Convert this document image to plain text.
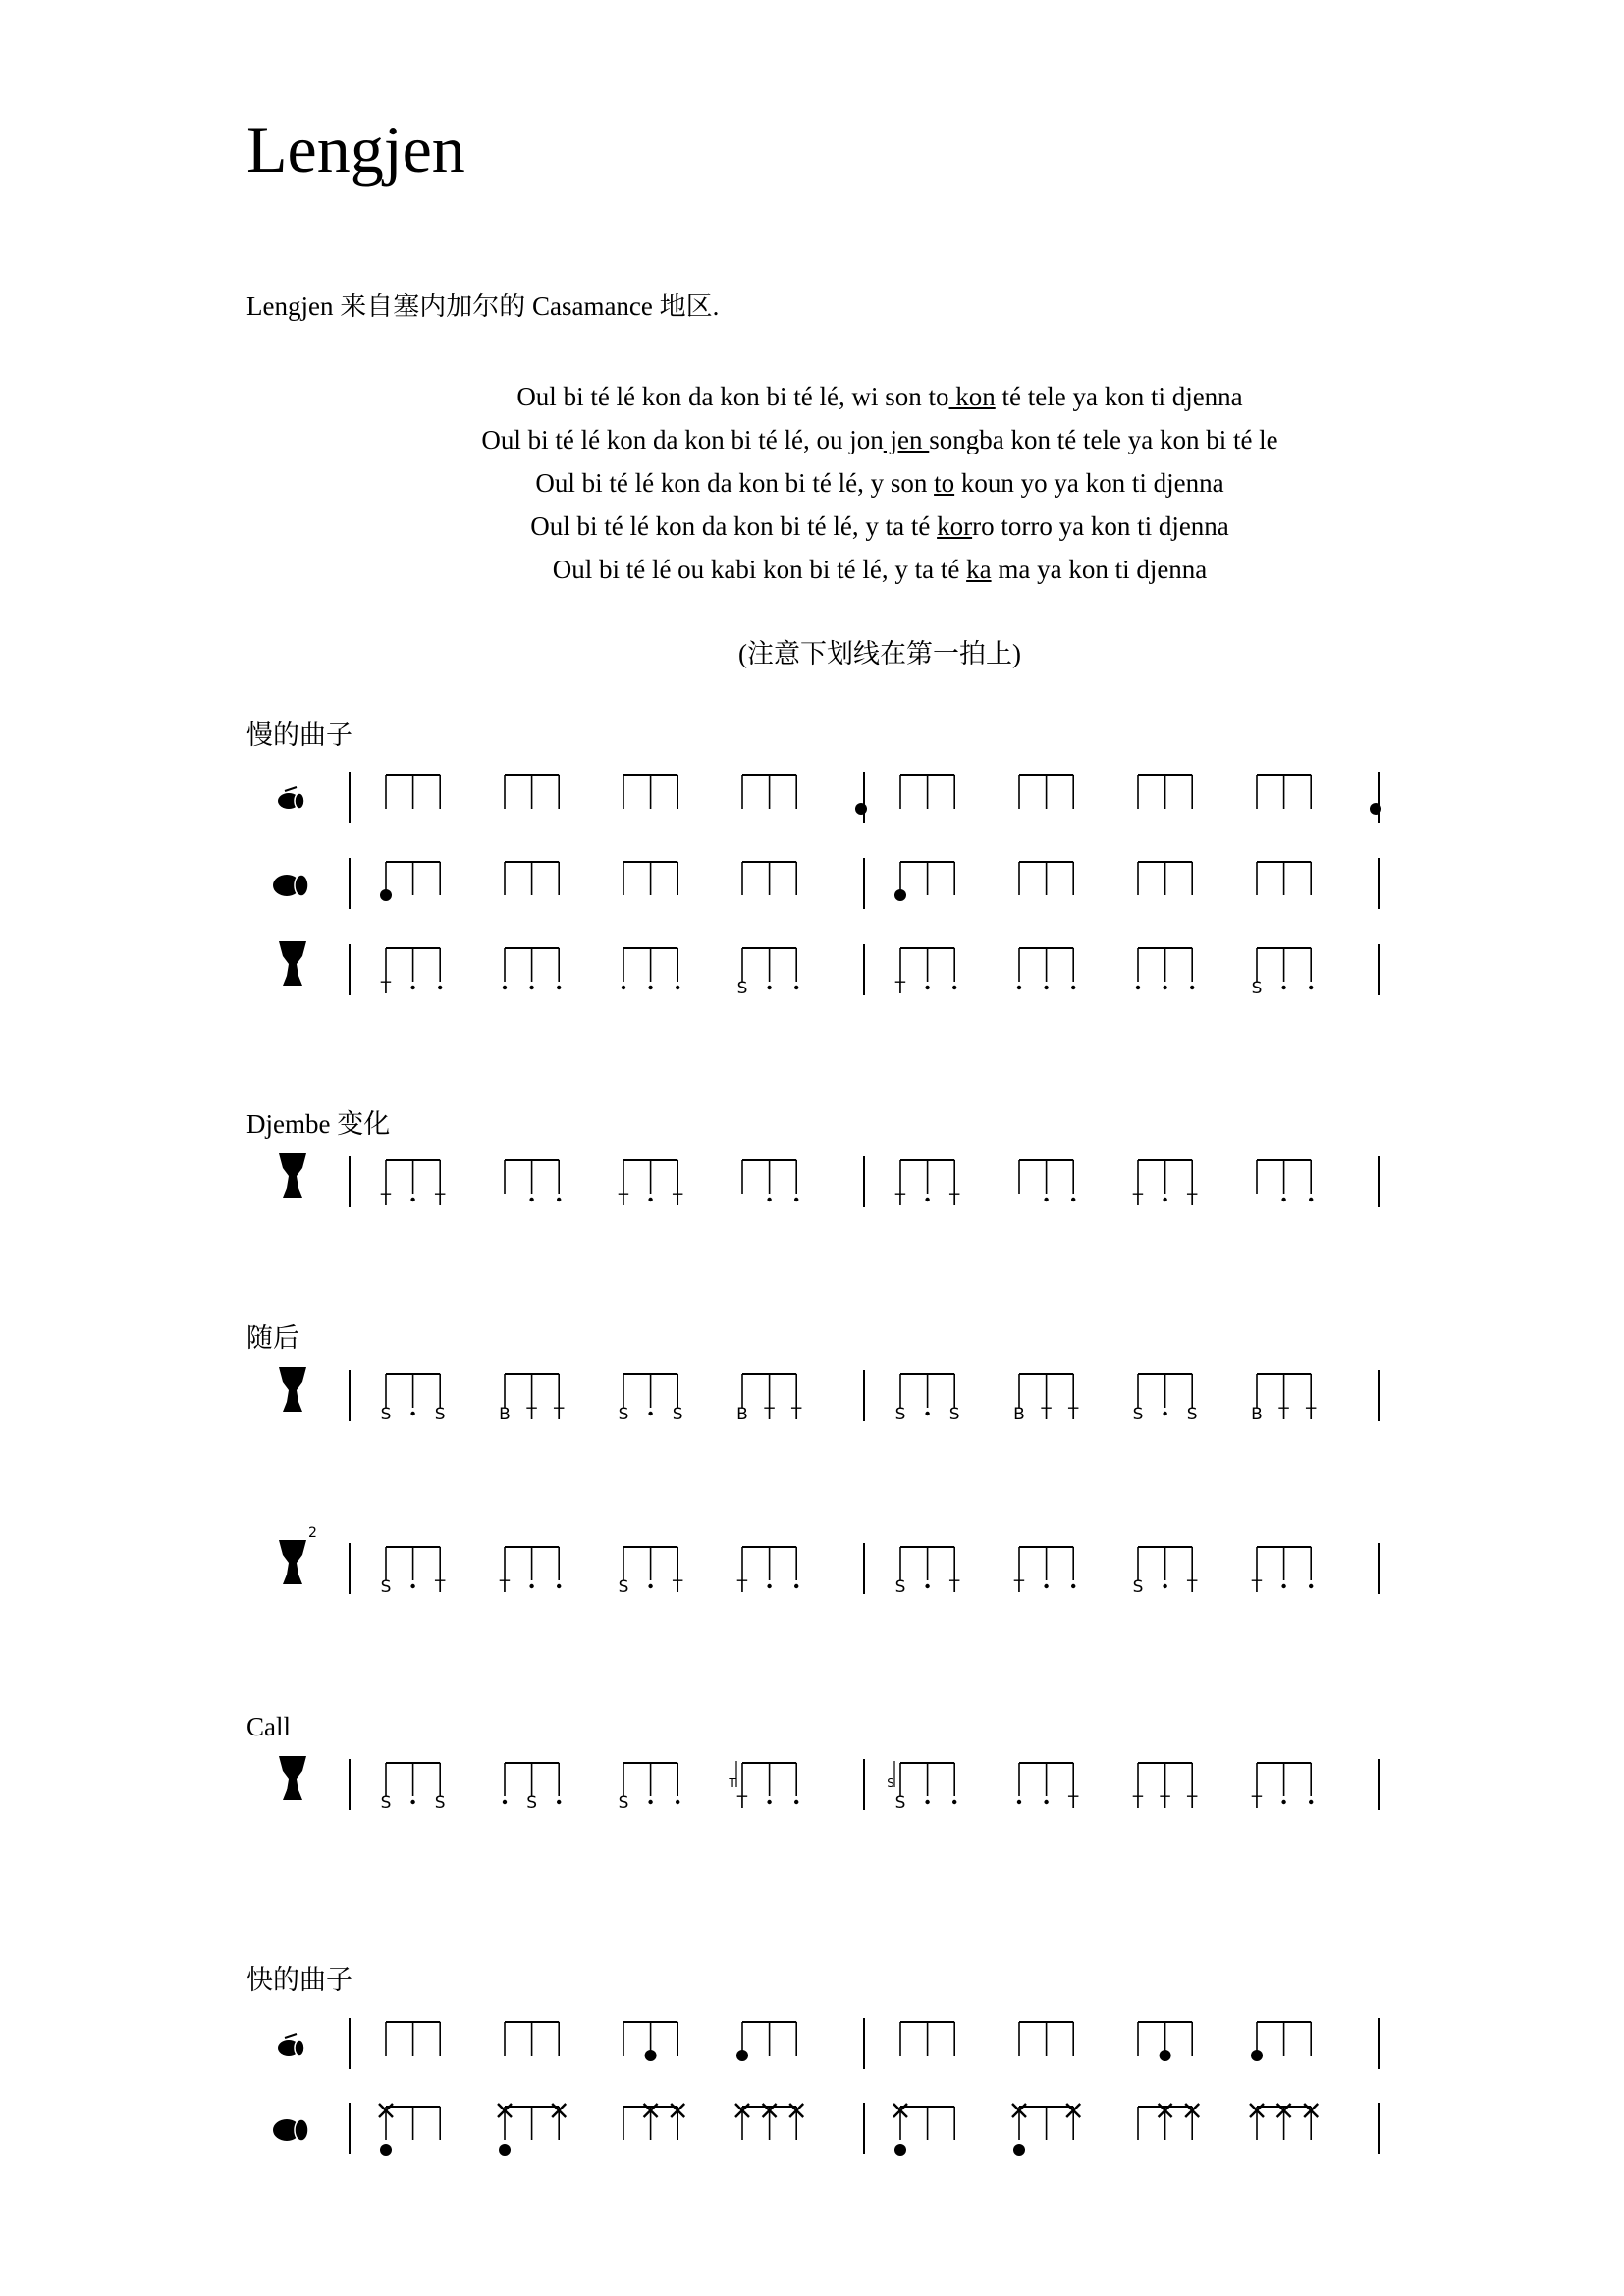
Lengjen
Lengjen 来自塞内加尔的 Casamance 地区.
Oul bi té lé kon da kon bi té lé, wi son to kon té tele ya kon ti djenna
Oul bi té lé kon da kon bi té lé, ou jon jen songba kon té tele ya kon bi té le
Oul bi té lé kon da kon bi té lé, y son to koun yo ya kon ti djenna
Oul bi té lé kon da kon bi té lé, y ta té korro torro ya kon ti djenna
Oul bi té lé ou kabi kon bi té lé, y ta té ka ma ya kon ti djenna
(注意下划线在第一拍上)
慢的曲子
Djembe 变化
随后
Call
快的曲子
T	S	T	S
T	T	T	T	T	T	T	T
S	S	B T T	S	S	B T T	S	S	B T T	S	S	B T T
2
S	T	T	S	T	T	S	T	T	S	T	T
S	S	S	S	T	S	T	T T T	T
T	S
